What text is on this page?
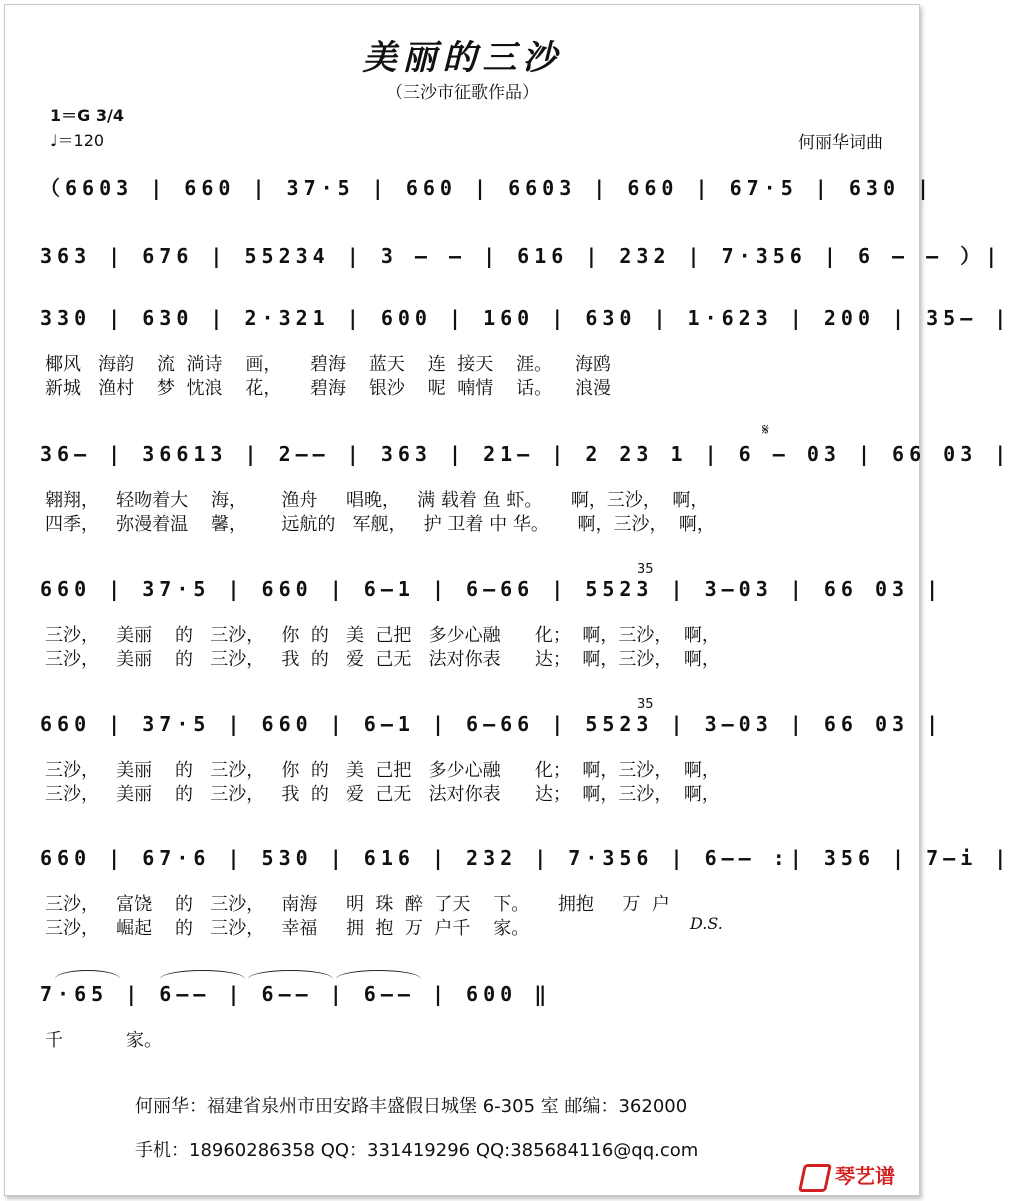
美丽的三沙
（三沙市征歌作品）
1＝G 3/4
♩＝120	何丽华词曲
（6603 | 660 | 37·5 | 660 | 6603 | 660 | 67·5 | 630 |
363 | 676 | 55234 | 3 — — | 616 | 232 | 7·356 | 6 — — ）|
330 | 630 | 2·321 | 600 | 160 | 630 | 1·623 | 200 | 35— |
椰风   海韵    流  淌诗    画，     碧海    蓝天    连  接天    涯。    海鸥
新城   渔村    梦  忱浪    花，     碧海    银沙    呢  喃情    话。    浪漫
𝄋
36— | 36613 | 2—— | 363 | 21— | 2 23 1 | 6 — 03 | 66 03 |
翱翔，   轻吻着大    海，      渔舟     唱晚，   满 载着 鱼 虾。     啊，三沙，  啊，
四季，   弥漫着温    馨，      远航的   军舰，   护 卫着 中 华。     啊，三沙，  啊，
35
660 | 37·5 | 660 | 6—1 | 6—66 | 5523 | 3—03 | 66 03 |
三沙，   美丽    的   三沙，   你  的   美  己把   多少心融      化；  啊，三沙，  啊，
三沙，   美丽    的   三沙，   我  的   爱  己无   法对你表      达；  啊，三沙，  啊，
35
660 | 37·5 | 660 | 6—1 | 6—66 | 5523 | 3—03 | 66 03 |
三沙，   美丽    的   三沙，   你  的   美  己把   多少心融      化；  啊，三沙，  啊，
三沙，   美丽    的   三沙，   我  的   爱  己无   法对你表      达；  啊，三沙，  啊，
660 | 67·6 | 530 | 616 | 232 | 7·356 | 6—— :| 356 | 7—i |
三沙，   富饶    的   三沙，   南海     明  珠  醉  了天    下。     拥抱     万  户
三沙，   崛起    的   三沙，   幸福     拥  抱  万  户千    家。	D.S.
7·65 | 6—— | 6—— | 6—— | 600 ‖
千           家。
何丽华：福建省泉州市田安路丰盛假日城堡 6-305 室 邮编：362000
手机：18960286358 QQ：331419296 QQ:385684116@qq.com
琴艺谱
